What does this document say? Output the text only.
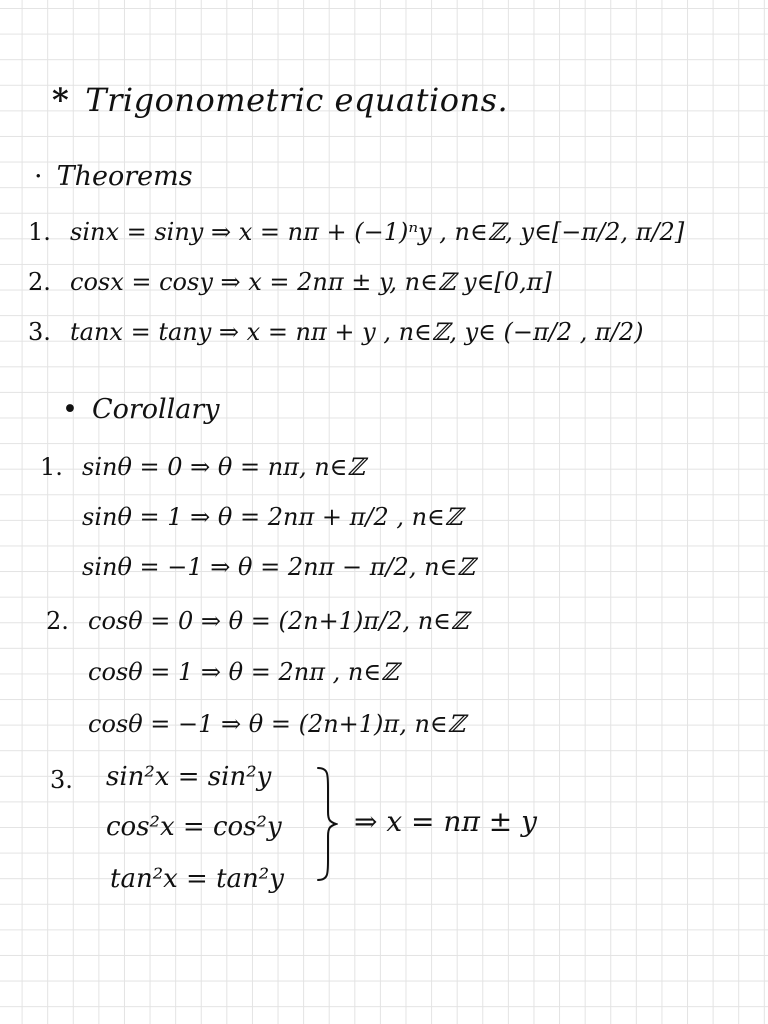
* Trigonometric equations.
· Theorems
1. sinx = siny ⇒ x = nπ + (−1)ⁿy , n∈ℤ, y∈[−π/2, π/2]
2. cosx = cosy ⇒ x = 2nπ ± y, n∈ℤ y∈[0,π]
3. tanx = tany ⇒ x = nπ + y , n∈ℤ, y∈ (−π/2 , π/2)
• Corollary
1. sinθ = 0 ⇒ θ = nπ, n∈ℤ
sinθ = 1 ⇒ θ = 2nπ + π/2 , n∈ℤ
sinθ = −1 ⇒ θ = 2nπ − π/2, n∈ℤ
2. cosθ = 0 ⇒ θ = (2n+1)π/2, n∈ℤ
cosθ = 1 ⇒ θ = 2nπ , n∈ℤ
cosθ = −1 ⇒ θ = (2n+1)π, n∈ℤ
3.	sin²x = sin²y
cos²x = cos²y
tan²x = tan²y
⇒ x = nπ ± y
